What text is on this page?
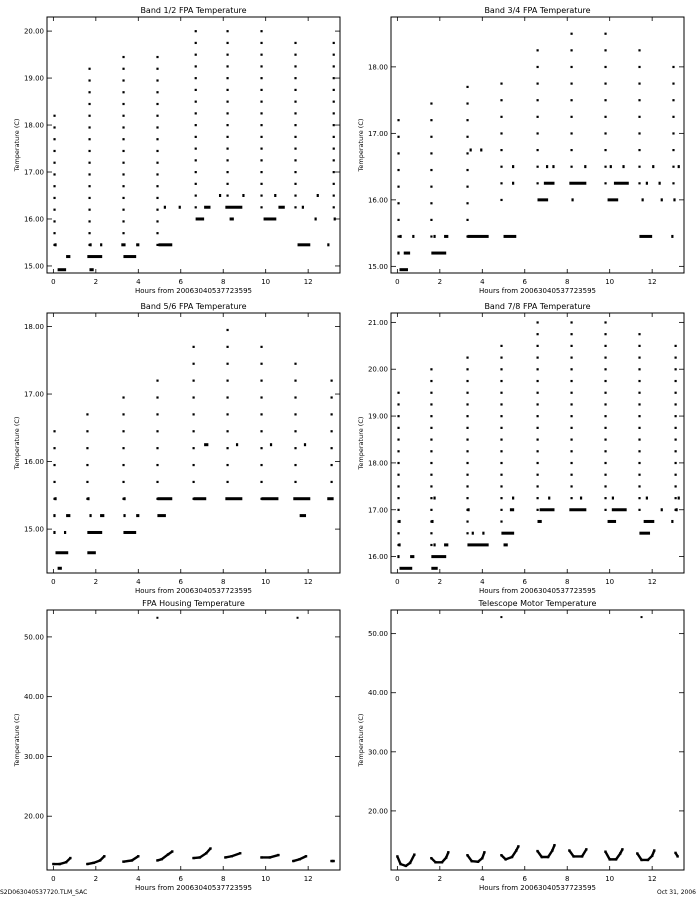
Band 1/2 FPA Temperature
0	2	4	6	8	10	12
15.00
16.00
17.00
18.00
19.00
20.00
Hours from 20063040537723595
Temperature (C)
Band 3/4 FPA Temperature
0	2	4	6	8	10	12
15.00
16.00
17.00
18.00
Hours from 20063040537723595
Temperature (C)
Band 5/6 FPA Temperature
0	2	4	6	8	10	12
15.00
16.00
17.00
18.00
Hours from 20063040537723595
Temperature (C)
Band 7/8 FPA Temperature
0	2	4	6	8	10	12
16.00
17.00
18.00
19.00
20.00
21.00
Hours from 20063040537723595
Temperature (C)
FPA Housing Temperature
0	2	4	6	8	10	12
20.00
30.00
40.00
50.00
Hours from 20063040537723595
Temperature (C)
Telescope Motor Temperature
0	2	4	6	8	10	12
20.00
30.00
40.00
50.00
Hours from 20063040537723595
Temperature (C)
S2D063040537720.TLM_SAC	Oct 31, 2006
